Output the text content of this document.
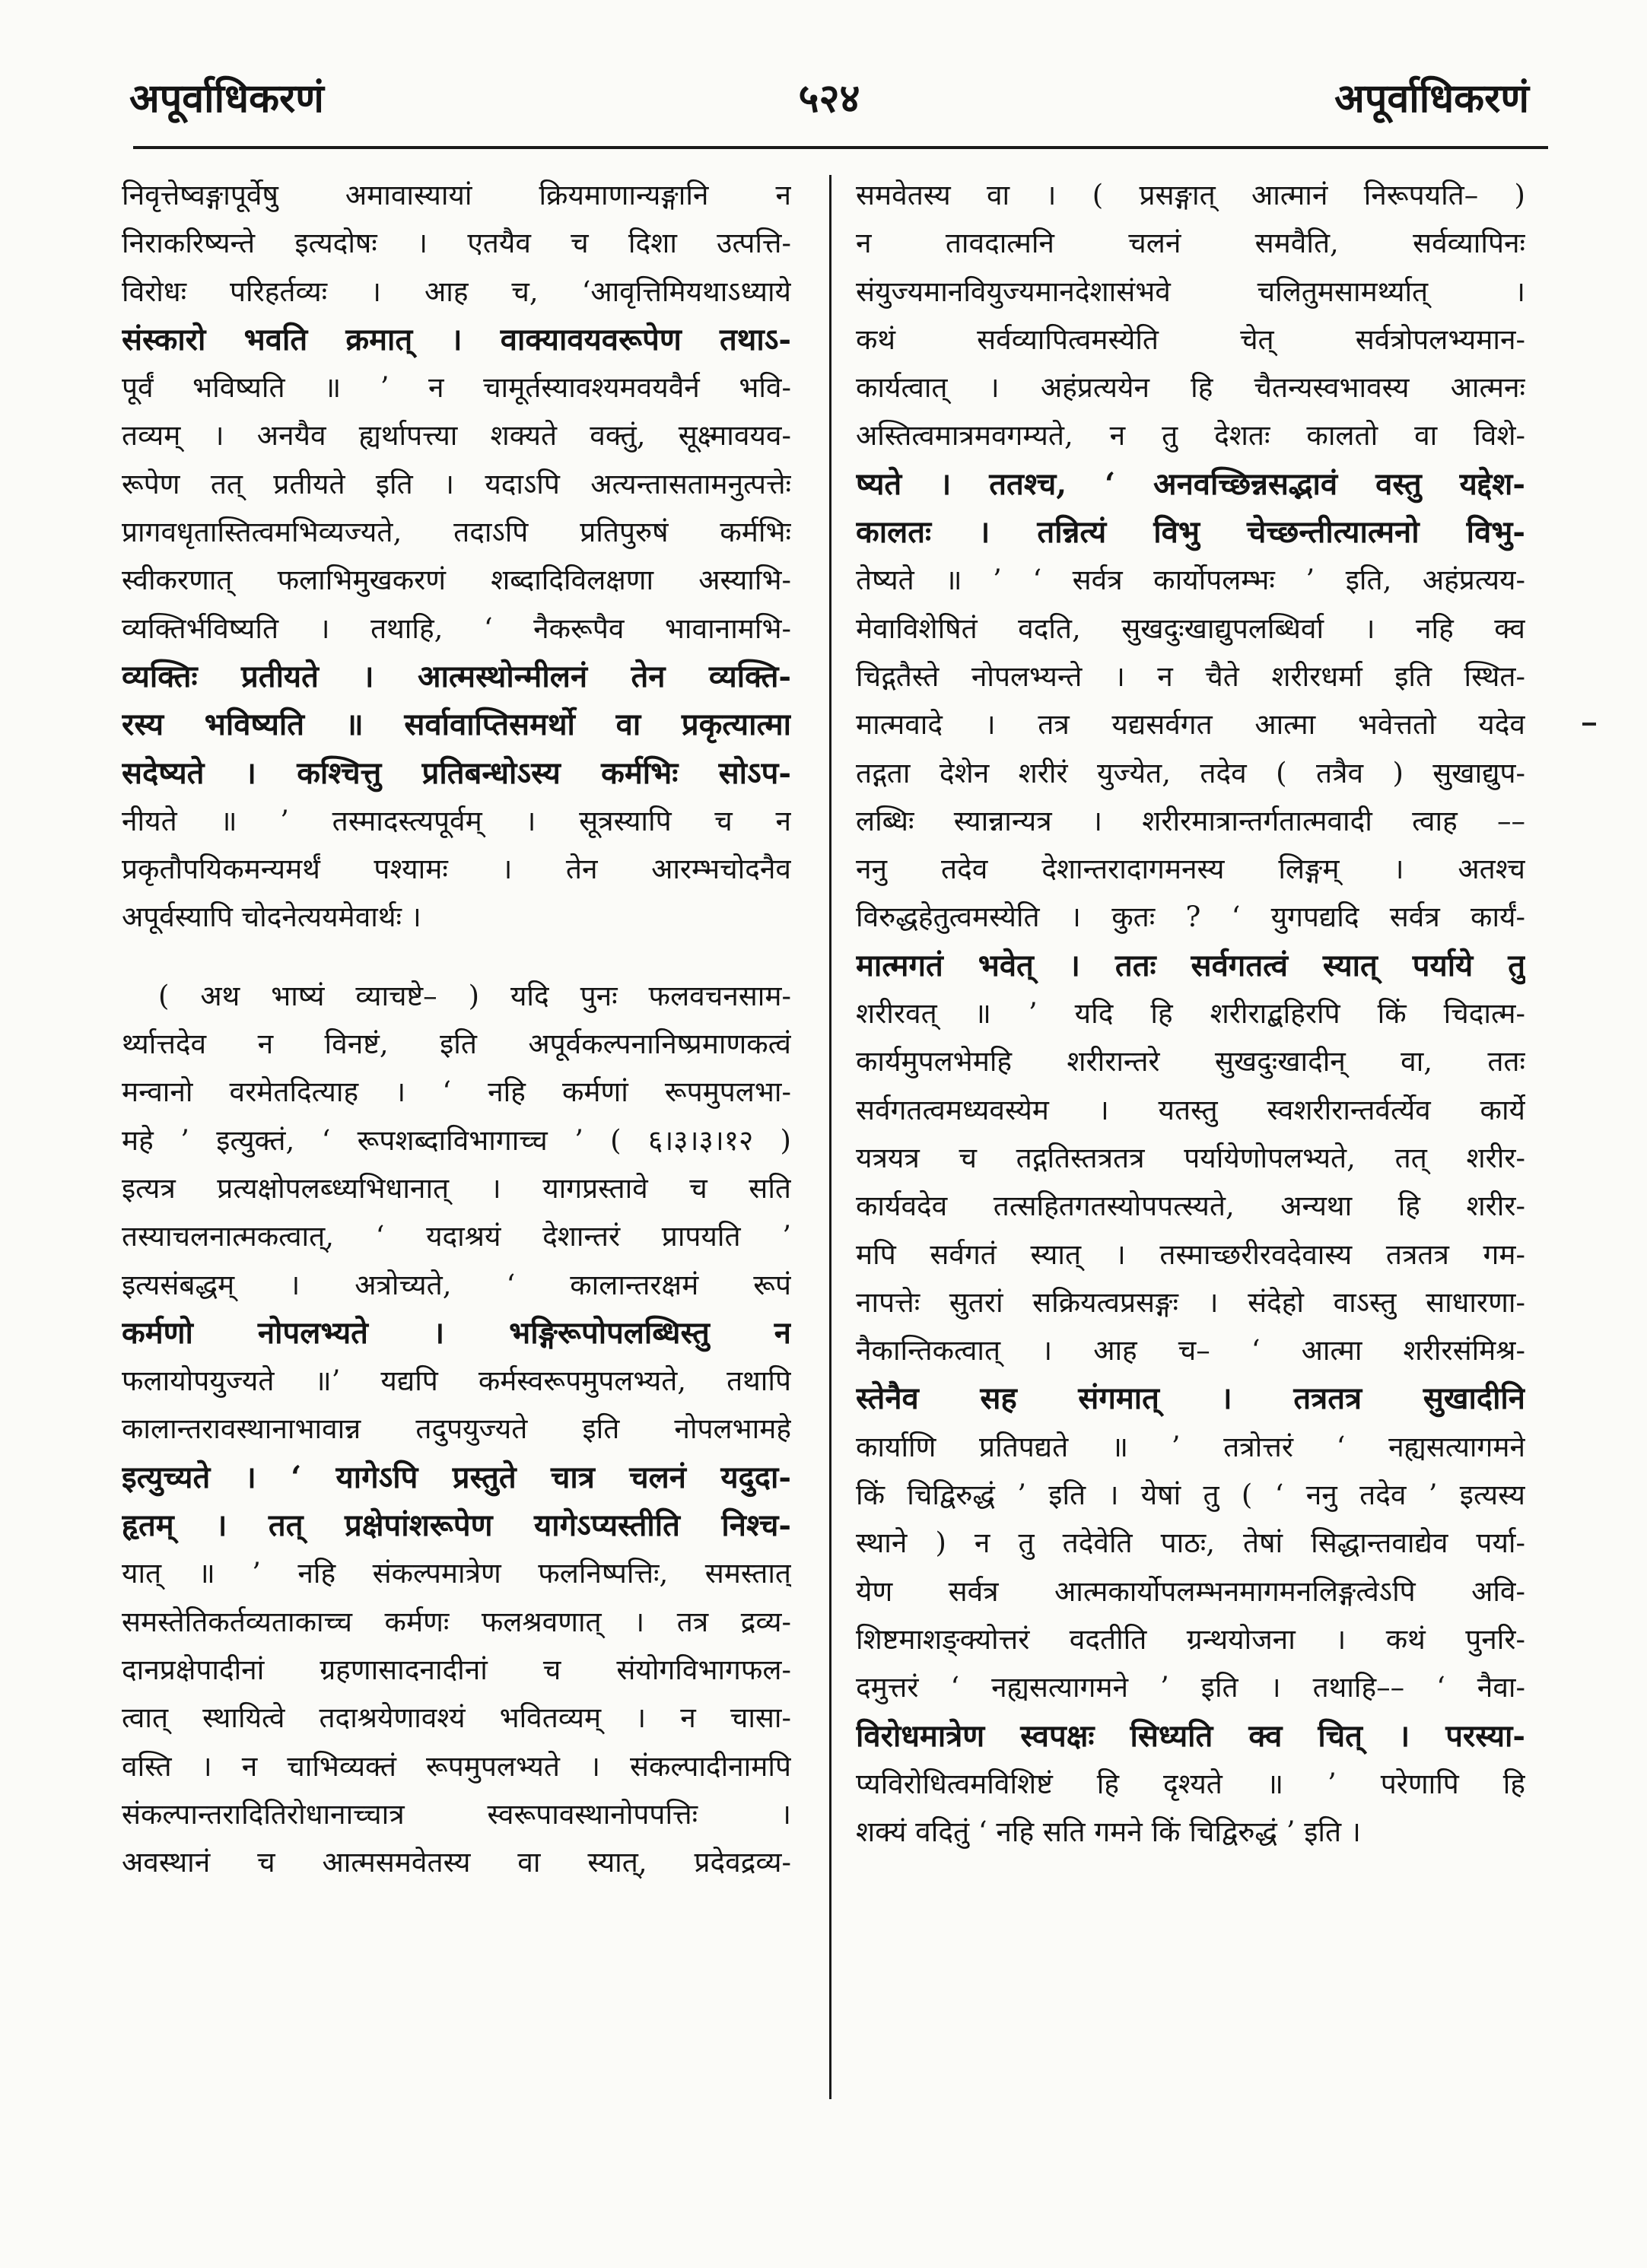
अपूर्वाधिकरणं	५२४	अपूर्वाधिकरणं
निवृत्तेष्वङ्गापूर्वेषु अमावास्यायां क्रियमाणान्यङ्गानि न
निराकरिष्यन्ते इत्यदोषः । एतयैव च दिशा उत्पत्ति-
विरोधः परिहर्तव्यः । आह च, ‘आवृत्तिमियथाऽध्याये
संस्कारो भवति क्रमात् । वाक्यावयवरूपेण तथाऽ-
पूर्वं भविष्यति ॥ ’ न चामूर्तस्यावश्यमवयवैर्न भवि-
तव्यम् । अनयैव ह्यर्थापत्त्या शक्यते वक्तुं, सूक्ष्मावयव-
रूपेण तत् प्रतीयते इति । यदाऽपि अत्यन्तासतामनुत्पत्तेः
प्रागवधृतास्तित्वमभिव्यज्यते, तदाऽपि प्रतिपुरुषं कर्मभिः
स्वीकरणात् फलाभिमुखकरणं शब्दादिविलक्षणा अस्याभि-
व्यक्तिर्भविष्यति । तथाहि, ‘ नैकरूपैव भावानामभि-
व्यक्तिः प्रतीयते । आत्मस्थोन्मीलनं तेन व्यक्ति-
रस्य भविष्यति ॥ सर्वावाप्तिसमर्थो वा प्रकृत्यात्मा
सदेष्यते । कश्चित्तु प्रतिबन्धोऽस्य कर्मभिः सोऽप-
नीयते ॥ ’ तस्मादस्त्यपूर्वम् । सूत्रस्यापि च न
प्रकृतौपयिकमन्यमर्थं पश्यामः । तेन आरम्भचोदनैव
अपूर्वस्यापि चोदनेत्ययमेवार्थः ।
( अथ भाष्यं व्याचष्टे– ) यदि पुनः फलवचनसाम-
र्थ्यात्तदेव न विनष्टं, इति अपूर्वकल्पनानिष्प्रमाणकत्वं
मन्वानो वरमेतदित्याह । ‘ नहि कर्मणां रूपमुपलभा-
महे ’ इत्युक्तं, ‘ रूपशब्दाविभागाच्च ’ ( ६।३।३।१२ )
इत्यत्र प्रत्यक्षोपलब्ध्यभिधानात् । यागप्रस्तावे च सति
तस्याचलनात्मकत्वात्, ‘ यदाश्रयं देशान्तरं प्रापयति ’
इत्यसंबद्धम् । अत्रोच्यते, ‘ कालान्तरक्षमं रूपं
कर्मणो नोपलभ्यते । भङ्गिरूपोपलब्धिस्तु न
फलायोपयुज्यते ॥’ यद्यपि कर्मस्वरूपमुपलभ्यते, तथापि
कालान्तरावस्थानाभावान्न तदुपयुज्यते इति नोपलभामहे
इत्युच्यते । ‘ यागेऽपि प्रस्तुते चात्र चलनं यदुदा-
हृतम् । तत् प्रक्षेपांशरूपेण यागेऽप्यस्तीति निश्च-
यात् ॥ ’ नहि संकल्पमात्रेण फलनिष्पत्तिः, समस्तात्
समस्तेतिकर्तव्यताकाच्च कर्मणः फलश्रवणात् । तत्र द्रव्य-
दानप्रक्षेपादीनां ग्रहणासादनादीनां च संयोगविभागफल-
त्वात् स्थायित्वे तदाश्रयेणावश्यं भवितव्यम् । न चासा-
वस्ति । न चाभिव्यक्तं रूपमुपलभ्यते । संकल्पादीनामपि
संकल्पान्तरादितिरोधानाच्चात्र स्वरूपावस्थानोपपत्तिः ।
अवस्थानं च आत्मसमवेतस्य वा स्यात्, प्रदेवद्रव्य-
समवेतस्य वा । ( प्रसङ्गात् आत्मानं निरूपयति– )
न तावदात्मनि चलनं समवैति, सर्वव्यापिनः
संयुज्यमानवियुज्यमानदेशासंभवे चलितुमसामर्थ्यात् ।
कथं सर्वव्यापित्वमस्येति चेत् सर्वत्रोपलभ्यमान-
कार्यत्वात् । अहंप्रत्ययेन हि चैतन्यस्वभावस्य आत्मनः
अस्तित्वमात्रमवगम्यते, न तु देशतः कालतो वा विशे-
ष्यते । ततश्च, ‘ अनवच्छिन्नसद्भावं वस्तु यद्देश-
कालतः । तन्नित्यं विभु चेच्छन्तीत्यात्मनो विभु-
तेष्यते ॥ ’ ‘ सर्वत्र कार्योपलम्भः ’ इति, अहंप्रत्यय-
मेवाविशेषितं वदति, सुखदुःखाद्युपलब्धिर्वा । नहि क्व
चिद्गतैस्ते नोपलभ्यन्ते । न चैते शरीरधर्मा इति स्थित-
मात्मवादे । तत्र यद्यसर्वगत आत्मा भवेत्ततो यदेव
तद्गता देशेन शरीरं युज्येत, तदेव ( तत्रैव ) सुखाद्युप-
लब्धिः स्यान्नान्यत्र । शरीरमात्रान्तर्गतात्मवादी त्वाह ––
ननु तदेव देशान्तरादागमनस्य लिङ्गम् । अतश्च
विरुद्धहेतुत्वमस्येति । कुतः ? ‘ युगपद्यदि सर्वत्र कार्यं-
मात्मगतं भवेत् । ततः सर्वगतत्वं स्यात् पर्याये तु
शरीरवत् ॥ ’ यदि हि शरीराद्बहिरपि किं चिदात्म-
कार्यमुपलभेमहि शरीरान्तरे सुखदुःखादीन् वा, ततः
सर्वगतत्वमध्यवस्येम । यतस्तु स्वशरीरान्तर्वर्त्येव कार्ये
यत्रयत्र च तद्गतिस्तत्रतत्र पर्यायेणोपलभ्यते, तत् शरीर-
कार्यवदेव तत्सहितगतस्योपपत्स्यते, अन्यथा हि शरीर-
मपि सर्वगतं स्यात् । तस्माच्छरीरवदेवास्य तत्रतत्र गम-
नापत्तेः सुतरां सक्रियत्वप्रसङ्गः । संदेहो वाऽस्तु साधारणा-
नैकान्तिकत्वात् । आह च– ‘ आत्मा शरीरसंमिश्र-
स्तेनैव सह संगमात् । तत्रतत्र सुखादीनि
कार्याणि प्रतिपद्यते ॥ ’ तत्रोत्तरं ‘ नह्यसत्यागमने
किं चिद्विरुद्धं ’ इति । येषां तु ( ‘ ननु तदेव ’ इत्यस्य
स्थाने ) न तु तदेवेति पाठः, तेषां सिद्धान्तवाद्येव पर्या-
येण सर्वत्र आत्मकार्योपलम्भनमागमनलिङ्गत्वेऽपि अवि-
शिष्टमाशङ्क्योत्तरं वदतीति ग्रन्थयोजना । कथं पुनरि-
दमुत्तरं ‘ नह्यसत्यागमने ’ इति । तथाहि–– ‘ नैवा-
विरोधमात्रेण स्वपक्षः सिध्यति क्व चित् । परस्या-
प्यविरोधित्वमविशिष्टं हि दृश्यते ॥ ’ परेणापि हि
शक्यं वदितुं ‘ नहि सति गमने किं चिद्विरुद्धं ’ इति ।
